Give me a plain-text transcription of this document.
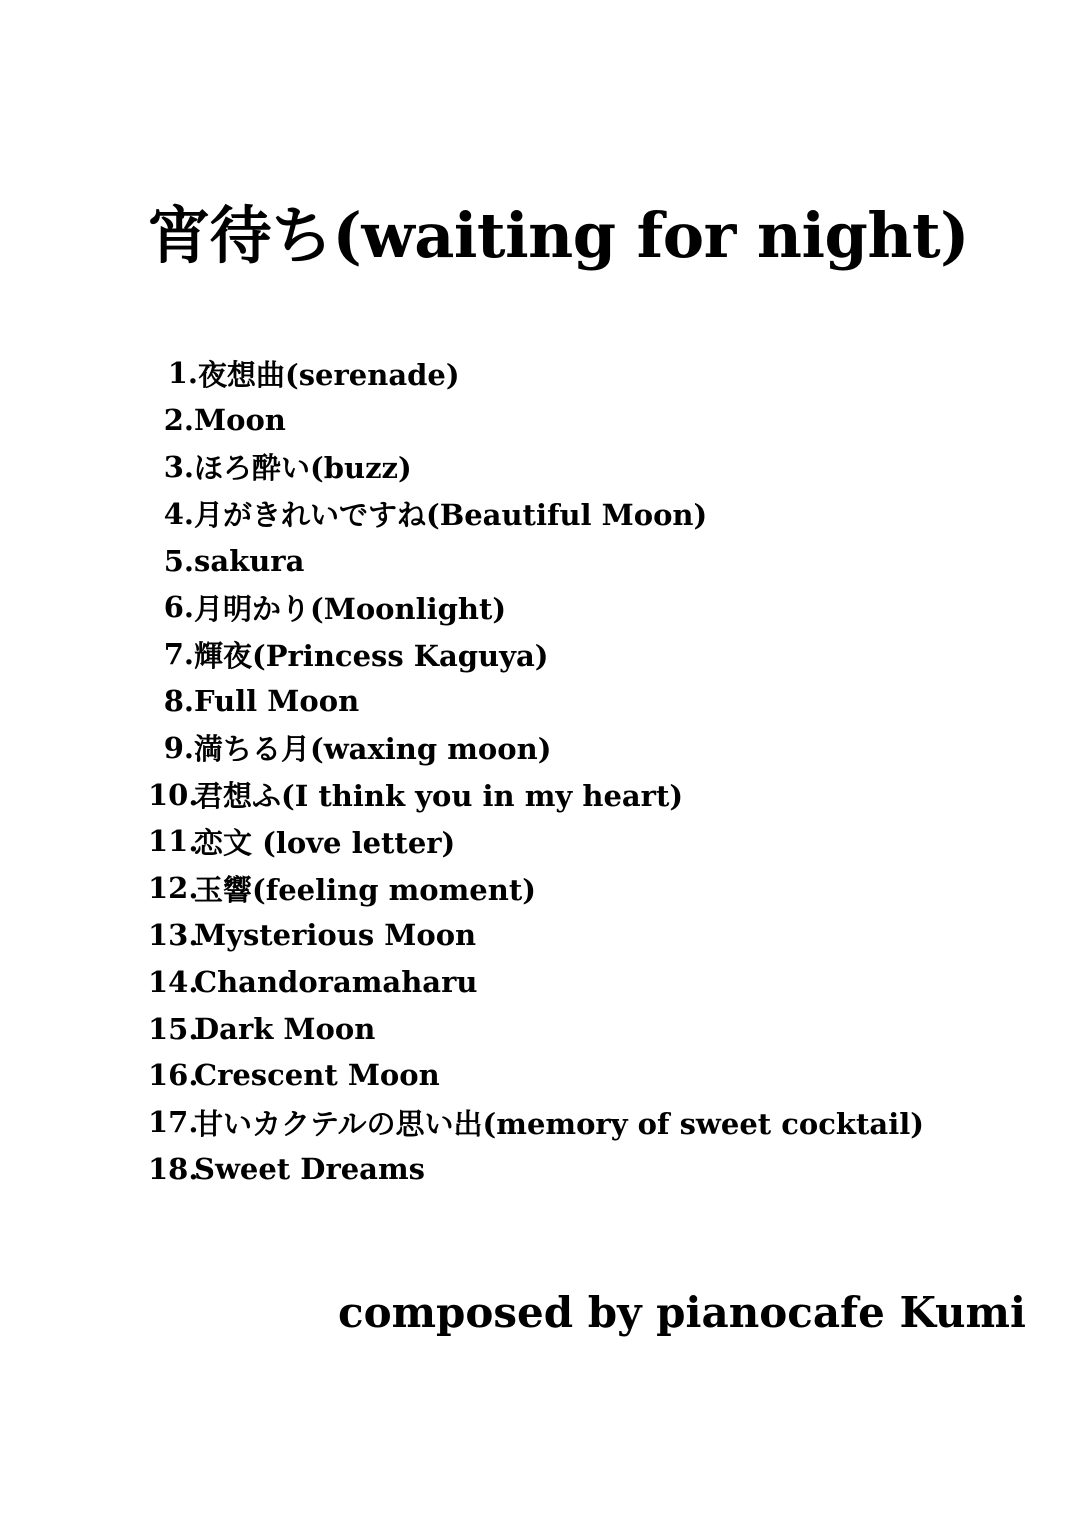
宵待ち(waiting for night)
1. 夜想曲(serenade)
2. Moon
3. ほろ酔い(buzz)
4. 月がきれいですね(Beautiful Moon)
5. sakura
6. 月明かり(Moonlight)
7. 輝夜(Princess Kaguya)
8. Full Moon
9. 満ちる月(waxing moon)
10.
君想ふ(I think you in my heart)
11.
恋文 (love letter)
12.
玉響(feeling moment)
13.
Mysterious Moon
14.
Chandoramaharu
15.
Dark Moon
16.
Crescent Moon
17.
甘いカクテルの思い出(memory of sweet cocktail)
18.
Sweet Dreams
composed by pianocafe Kumi
